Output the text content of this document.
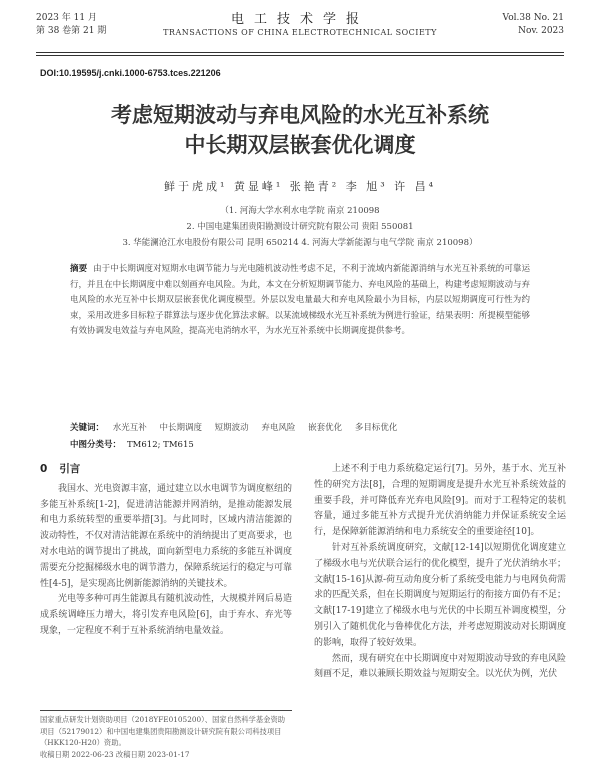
2023 年 11 月
第 38 卷第 21 期
电工技术学报
TRANSACTIONS OF CHINA ELECTROTECHNICAL SOCIETY
Vol.38 No. 21
Nov. 2023
DOI:10.19595/j.cnki.1000-6753.tces.221206
考虑短期波动与弃电风险的水光互补系统
中长期双层嵌套优化调度
鲜于虎成¹ 黄显峰¹ 张艳青² 李 旭³ 许 昌⁴
（1. 河海大学水利水电学院 南京 210098
2. 中国电建集团贵阳勘测设计研究院有限公司 贵阳 550081
3. 华能澜沧江水电股份有限公司 昆明 650214 4. 河海大学新能源与电气学院 南京 210098）
摘要 由于中长期调度对短期水电调节能力与光电随机波动性考虑不足，不利于流域内新能源消纳与水光互补系统的可靠运行，并且在中长期调度中难以刻画弃电风险。为此，本文在分析短期调节能力、弃电风险的基础上，构建考虑短期波动与弃电风险的水光互补中长期双层嵌套优化调度模型。外层以发电量最大和弃电风险最小为目标，内层以短期调度可行性为约束，采用改进多目标粒子群算法与逐步优化算法求解。以某流域梯级水光互补系统为例进行验证，结果表明：所提模型能够有效协调发电效益与弃电风险，提高光电消纳水平，为水光互补系统中长期调度提供参考。
关键词： 水光互补 中长期调度 短期波动 弃电风险 嵌套优化 多目标优化
中图分类号： TM612; TM615
0 引言

我国水、光电资源丰富，通过建立以水电调节为调度枢纽的多能互补系统[1-2]，促进清洁能源并网消纳，是推动能源发展和电力系统转型的重要举措[3]。与此同时，区域内清洁能源的波动特性，不仅对清洁能源在系统中的消纳提出了更高要求，也对水电站的调节提出了挑战，面向新型电力系统的多能互补调度需要充分挖掘梯级水电的调节潜力，保障系统运行的稳定与可靠性[4-5]，是实现高比例新能源消纳的关键技术。

光电等多种可再生能源具有随机波动性，大规模并网后易造成系统调峰压力增大，将引发弃电风险[6]，由于弃水、弃光等现象，一定程度不利于互补系统消纳电量效益。

上述不利于电力系统稳定运行[7]。另外，基于水、光互补性的研究方法[8]，合理的短期调度是提升水光互补系统效益的重要手段，并可降低弃光弃电风险[9]。而对于工程特定的装机容量，通过多能互补方式提升光伏消纳能力并保证系统安全运行，是保障新能源消纳和电力系统安全的重要途径[10]。

针对互补系统调度研究，文献[12-14]以短期优化调度建立了梯级水电与光伏联合运行的优化模型，提升了光伏消纳水平；文献[15-16]从源-荷互动角度分析了系统受电能力与电网负荷需求的匹配关系，但在长期调度与短期运行的衔接方面仍有不足；文献[17-19]建立了梯级水电与光伏的中长期互补调度模型，分别引入了随机优化与鲁棒优化方法，并考虑短期波动对长期调度的影响，取得了较好效果。

然而，现有研究在中长期调度中对短期波动导致的弃电风险刻画不足，难以兼顾长期效益与短期安全。以光伏为例，光伏

国家重点研发计划资助项目（2018YFE0105200）、国家自然科学基金资助项目（52179012）和中国电建集团贵阳勘测设计研究院有限公司科技项目（HKK120-H20）资助。
收稿日期 2022-06-23 改稿日期 2023-01-17
